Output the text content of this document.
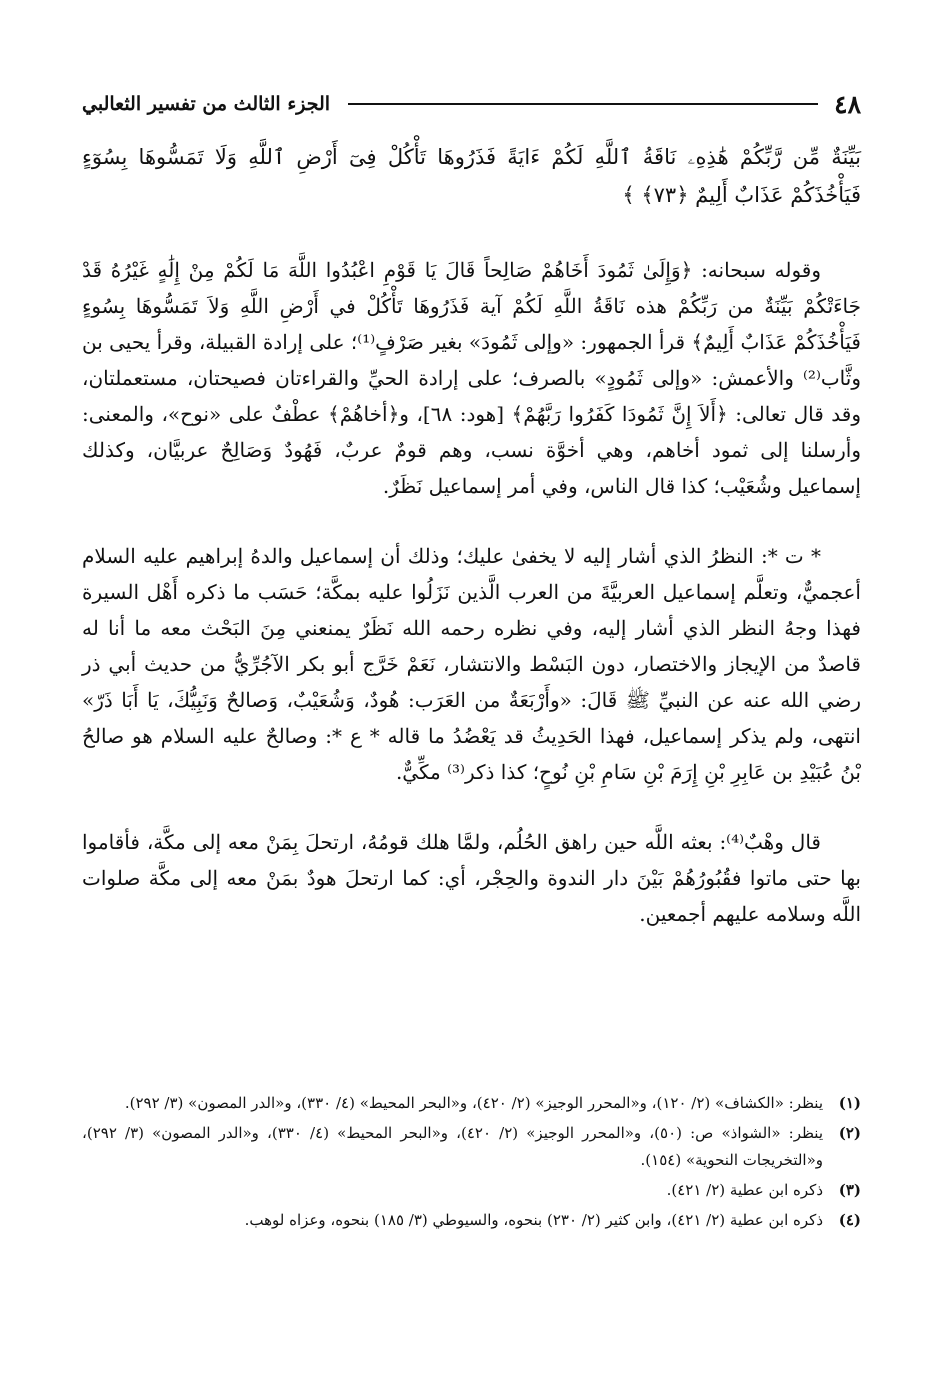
٤٨
الجزء الثالث من تفسير الثعالبي

بَيِّنَةٌ مِّن رَّبِّكُمْ هَٰذِهِۦ نَاقَةُ ٱللَّهِ لَكُمْ ءَايَةً فَذَرُوهَا تَأْكُلْ فِىٓ أَرْضِ ٱللَّهِ وَلَا تَمَسُّوهَا بِسُوٓءٍ فَيَأْخُذَكُمْ عَذَابٌ أَلِيمٌ ﴿٧٣﴾ ﴾

وقوله سبحانه: ﴿وَإِلَىٰ ثَمُودَ أَخَاهُمْ صَالِحاً قَالَ يَا قَوْمِ اعْبُدُوا اللَّهَ مَا لَكُمْ مِنْ إِلَٰهٍ غَيْرُهُ قَدْ جَاءَتْكُمْ بَيِّنَةٌ من رَبِّكُمْ هذه نَاقَةُ اللَّهِ لَكُمْ آية فَذَرُوهَا تَأْكُلْ في أَرْضِ اللَّهِ وَلاَ تَمَسُّوهَا بِسُوءٍ فَيَأْخُذَكُمْ عَذَابٌ أَلِيمٌ﴾ قرأ الجمهور: «وإلى ثَمُودَ» بغير صَرْفٍ⁽¹⁾؛ على إرادة القبيلة، وقرأ يحيى بن وثَّاب⁽²⁾ والأعمش: «وإلى ثَمُودٍ» بالصرف؛ على إرادة الحيِّ والقراءتان فصيحتان، مستعملتان، وقد قال تعالى: ﴿أَلاَ إِنَّ ثَمُودَا كَفَرُوا رَبَّهُمْ﴾ [هود: ٦٨]، و﴿أخاهُمْ﴾ عطْفٌ على «نوح»، والمعنى: وأرسلنا إلى ثمود أخاهم، وهي أخوَّة نسب، وهم قومٌ عربٌ، فَهُودٌ وَصَالِحٌ عربيَّان، وكذلك إسماعيل وشُعَيْب؛ كذا قال الناس، وفي أمر إسماعيل نَظَرٌ.

* ت *: النظرُ الذي أشار إليه لا يخفىٰ عليك؛ وذلك أن إسماعيل والدهُ إبراهيم عليه السلام أعجميٌّ، وتعلَّم إسماعيل العربيَّةَ من العرب الَّذين نَزَلُوا عليه بمكَّة؛ حَسَب ما ذكره أَهْل السيرة فهذا وجهُ النظر الذي أشار إليه، وفي نظره رحمه الله نَظَرٌ يمنعني مِنَ البَحْث معه ما أنا له قاصدٌ من الإيجاز والاختصار، دون البَسْط والانتشار، نَعَمْ خَرَّج أبو بكر الآجُرِّيُّ من حديث أبي ذر رضي الله عنه عن النبيِّ ﷺ قَالَ: «وأَرْبَعَةٌ من العَرَب: هُودٌ، وَشُعَيْبٌ، وَصالحٌ وَنَبِيُّكَ، يَا أَبَا ذَرّ» انتهى، ولم يذكر إسماعيل، فهذا الحَدِيثُ قد يَعْضُدُ ما قاله * ع *: وصالحٌ عليه السلام هو صالحُ بْنُ عُبَيْدِ بن عَابِرِ بْنِ إِرَمَ بْنِ سَامِ بْنِ نُوحٍ؛ كذا ذكر⁽³⁾ مكِّيٌّ.

قال وهْبٌ⁽⁴⁾: بعثه اللَّه حين راهق الحُلُم، ولمَّا هلك قومُهُ، ارتحلَ بِمَنْ معه إلى مكَّة، فأقاموا بها حتى ماتوا فقُبُورُهُمْ بَيْنَ دار الندوة والحِجْر، أي: كما ارتحلَ هودٌ بمَنْ معه إلى مكَّة صلوات اللَّه وسلامه عليهم أجمعين.

(١)
ينظر: «الكشاف» (٢/ ١٢٠)، و«المحرر الوجيز» (٢/ ٤٢٠)، و«البحر المحيط» (٤/ ٣٣٠)، و«الدر المصون» (٣/ ٢٩٢).
(٢)
ينظر: «الشواذ» ص: (٥٠)، و«المحرر الوجيز» (٢/ ٤٢٠)، و«البحر المحيط» (٤/ ٣٣٠)، و«الدر المصون» (٣/ ٢٩٢)، و«التخريجات النحوية» (١٥٤).
(٣)
ذكره ابن عطية (٢/ ٤٢١).
(٤)
ذكره ابن عطية (٢/ ٤٢١)، وابن كثير (٢/ ٢٣٠) بنحوه، والسيوطي (٣/ ١٨٥) بنحوه، وعزاه لوهب.
